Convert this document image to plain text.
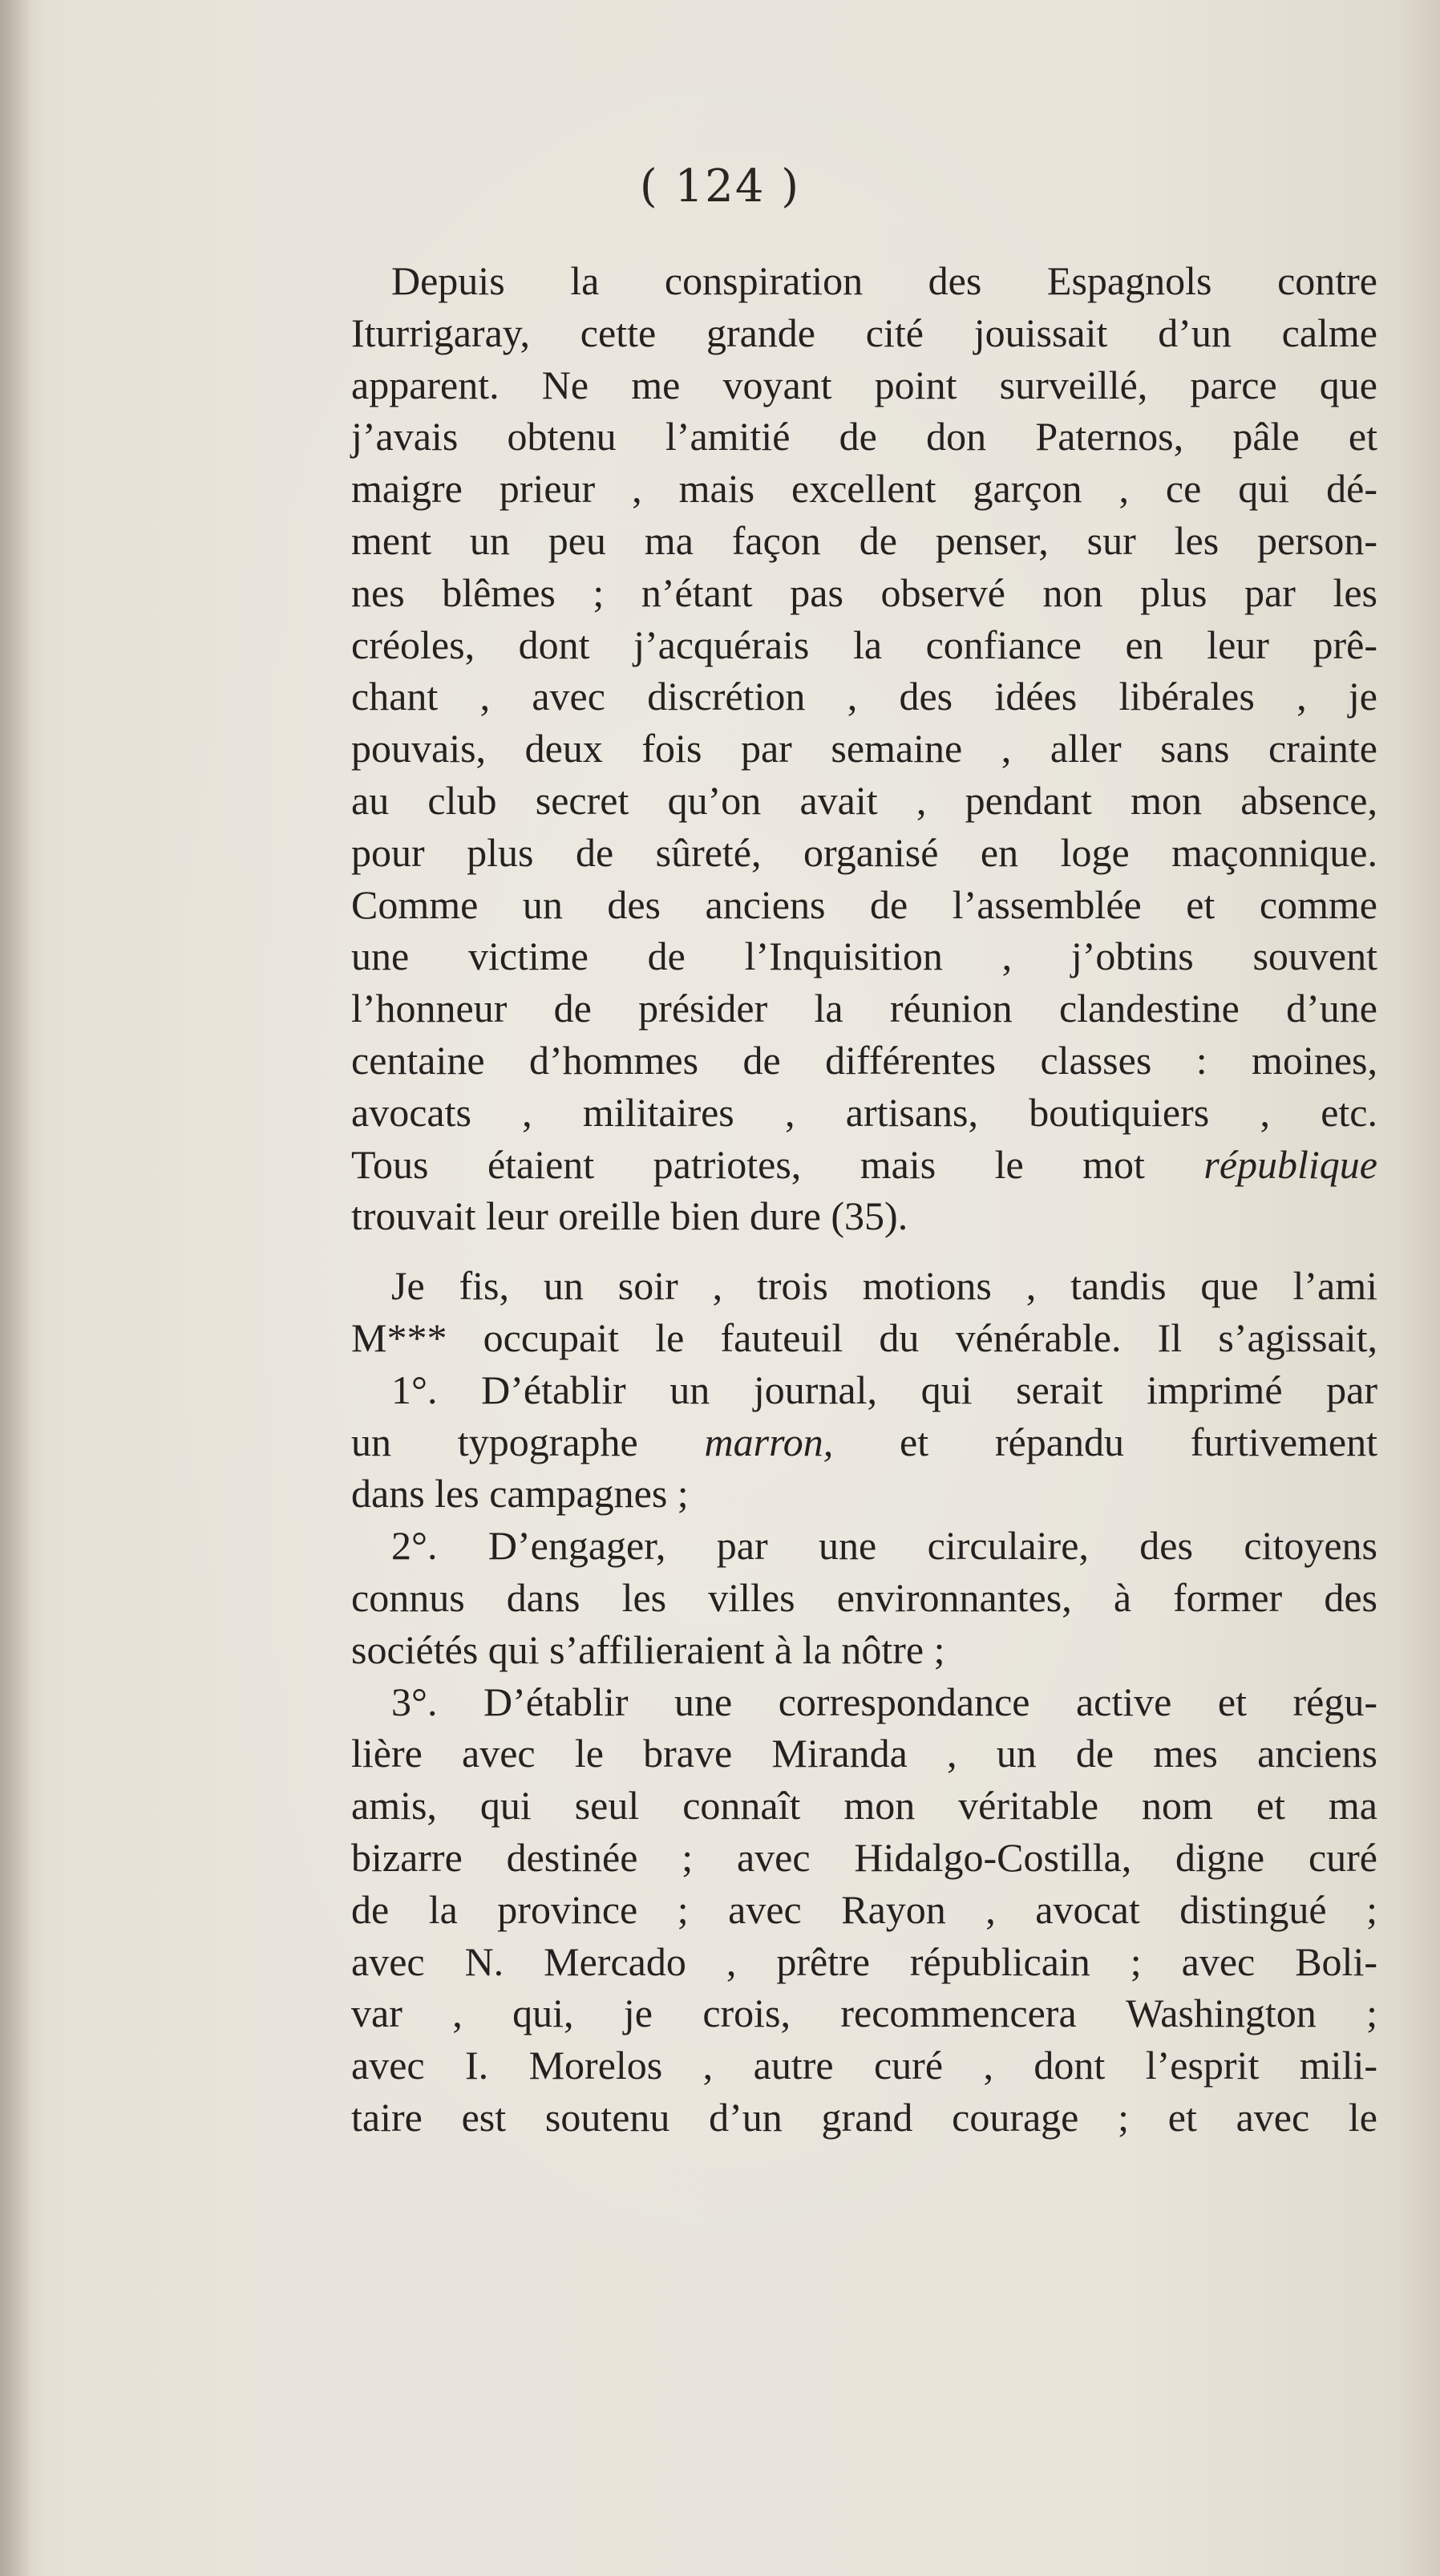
( 124 )
Depuis la conspiration des Espagnols contre
Iturrigaray, cette grande cité jouissait d’un calme
apparent. Ne me voyant point surveillé, parce que
j’avais obtenu l’amitié de don Paternos, pâle et
maigre prieur , mais excellent garçon , ce qui dé-
ment un peu ma façon de penser, sur les person-
nes blêmes ; n’étant pas observé non plus par les
créoles, dont j’acquérais la confiance en leur prê-
chant , avec discrétion , des idées libérales , je
pouvais, deux fois par semaine , aller sans crainte
au club secret qu’on avait , pendant mon absence,
pour plus de sûreté, organisé en loge maçonnique.
Comme un des anciens de l’assemblée et comme
une victime de l’Inquisition , j’obtins souvent
l’honneur de présider la réunion clandestine d’une
centaine d’hommes de différentes classes : moines,
avocats , militaires , artisans, boutiquiers , etc.
Tous étaient patriotes, mais le mot république
trouvait leur oreille bien dure (35).
Je fis, un soir , trois motions , tandis que l’ami
M*** occupait le fauteuil du vénérable. Il s’agissait,
1°. D’établir un journal, qui serait imprimé par
un typographe marron, et répandu furtivement
dans les campagnes ;
2°. D’engager, par une circulaire, des citoyens
connus dans les villes environnantes, à former des
sociétés qui s’affilieraient à la nôtre ;
3°. D’établir une correspondance active et régu-
lière avec le brave Miranda , un de mes anciens
amis, qui seul connaît mon véritable nom et ma
bizarre destinée ; avec Hidalgo-Costilla, digne curé
de la province ; avec Rayon , avocat distingué ;
avec N. Mercado , prêtre républicain ; avec Boli-
var , qui, je crois, recommencera Washington ;
avec I. Morelos , autre curé , dont l’esprit mili-
taire est soutenu d’un grand courage ; et avec le
